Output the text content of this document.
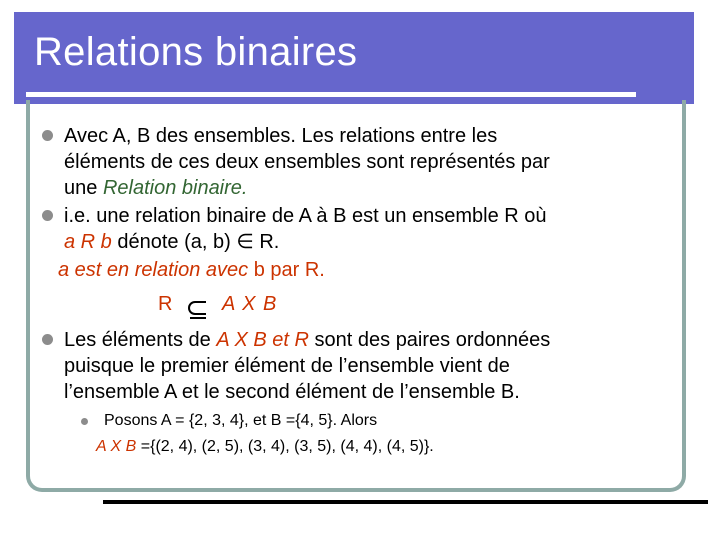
Relations binaires
Avec A, B des ensembles. Les relations entre les
éléments de ces deux ensembles sont représentés par
une Relation binaire.
i.e. une relation binaire de A à B est un ensemble R où
a R b dénote (a, b) ∈ R.
a est en relation avec b par R.
R A X B
Les éléments de A X B et R sont des paires ordonnées
puisque le premier élément de l’ensemble vient de
l’ensemble A et le second élément de l’ensemble B.
Posons A = {2, 3, 4}, et B ={4, 5}. Alors
A X B ={(2, 4), (2, 5), (3, 4), (3, 5), (4, 4), (4, 5)}.
